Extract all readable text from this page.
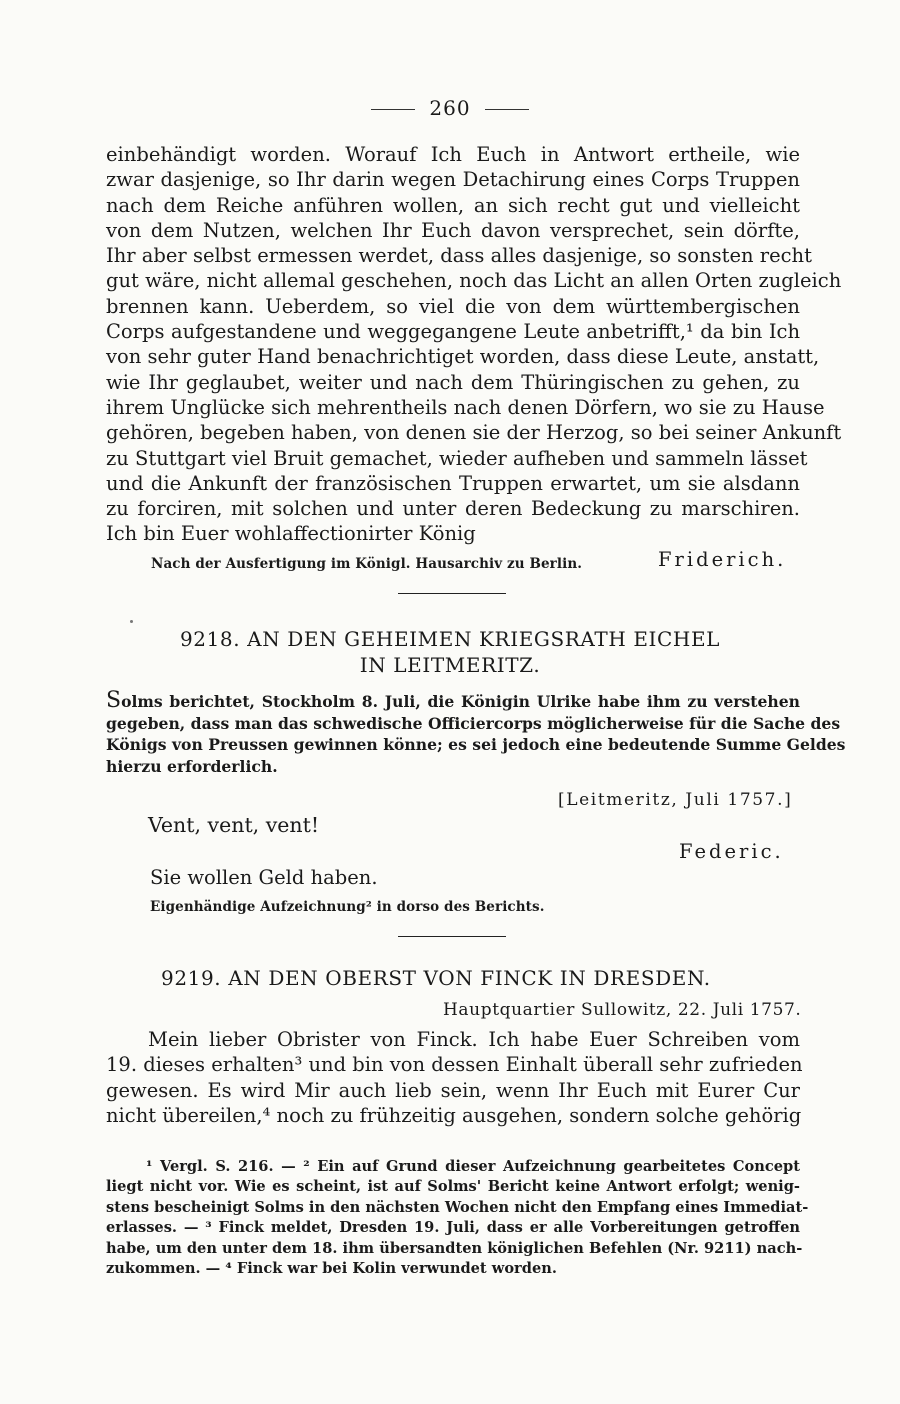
260
einbehändigt worden. Worauf Ich Euch in Antwort ertheile, wie
zwar dasjenige, so Ihr darin wegen Detachirung eines Corps Truppen
nach dem Reiche anführen wollen, an sich recht gut und vielleicht
von dem Nutzen, welchen Ihr Euch davon versprechet, sein dörfte,
Ihr aber selbst ermessen werdet, dass alles dasjenige, so sonsten recht
gut wäre, nicht allemal geschehen, noch das Licht an allen Orten zugleich
brennen kann. Ueberdem, so viel die von dem württembergischen
Corps aufgestandene und weggegangene Leute anbetrifft,¹ da bin Ich
von sehr guter Hand benachrichtiget worden, dass diese Leute, anstatt,
wie Ihr geglaubet, weiter und nach dem Thüringischen zu gehen, zu
ihrem Unglücke sich mehrentheils nach denen Dörfern, wo sie zu Hause
gehören, begeben haben, von denen sie der Herzog, so bei seiner Ankunft
zu Stuttgart viel Bruit gemachet, wieder aufheben und sammeln lässet
und die Ankunft der französischen Truppen erwartet, um sie alsdann
zu forciren, mit solchen und unter deren Bedeckung zu marschiren.
Ich bin Euer wohlaffectionirter König
Nach der Ausfertigung im Königl. Hausarchiv zu Berlin.	Friderich.
9218. AN DEN GEHEIMEN KRIEGSRATH EICHEL
IN LEITMERITZ.
Solms berichtet, Stockholm 8. Juli, die Königin Ulrike habe ihm zu verstehen
gegeben, dass man das schwedische Officiercorps möglicherweise für die Sache des
Königs von Preussen gewinnen könne; es sei jedoch eine bedeutende Summe Geldes
hierzu erforderlich.
[Leitmeritz, Juli 1757.]
Vent, vent, vent!
Federic.
Sie wollen Geld haben.
Eigenhändige Aufzeichnung² in dorso des Berichts.
9219. AN DEN OBERST VON FINCK IN DRESDEN.
Hauptquartier Sullowitz, 22. Juli 1757.
Mein lieber Obrister von Finck. Ich habe Euer Schreiben vom
19. dieses erhalten³ und bin von dessen Einhalt überall sehr zufrieden
gewesen. Es wird Mir auch lieb sein, wenn Ihr Euch mit Eurer Cur
nicht übereilen,⁴ noch zu frühzeitig ausgehen, sondern solche gehörig
¹ Vergl. S. 216. — ² Ein auf Grund dieser Aufzeichnung gearbeitetes Concept
liegt nicht vor. Wie es scheint, ist auf Solms' Bericht keine Antwort erfolgt; wenig-
stens bescheinigt Solms in den nächsten Wochen nicht den Empfang eines Immediat-
erlasses. — ³ Finck meldet, Dresden 19. Juli, dass er alle Vorbereitungen getroffen
habe, um den unter dem 18. ihm übersandten königlichen Befehlen (Nr. 9211) nach-
zukommen. — ⁴ Finck war bei Kolin verwundet worden.
